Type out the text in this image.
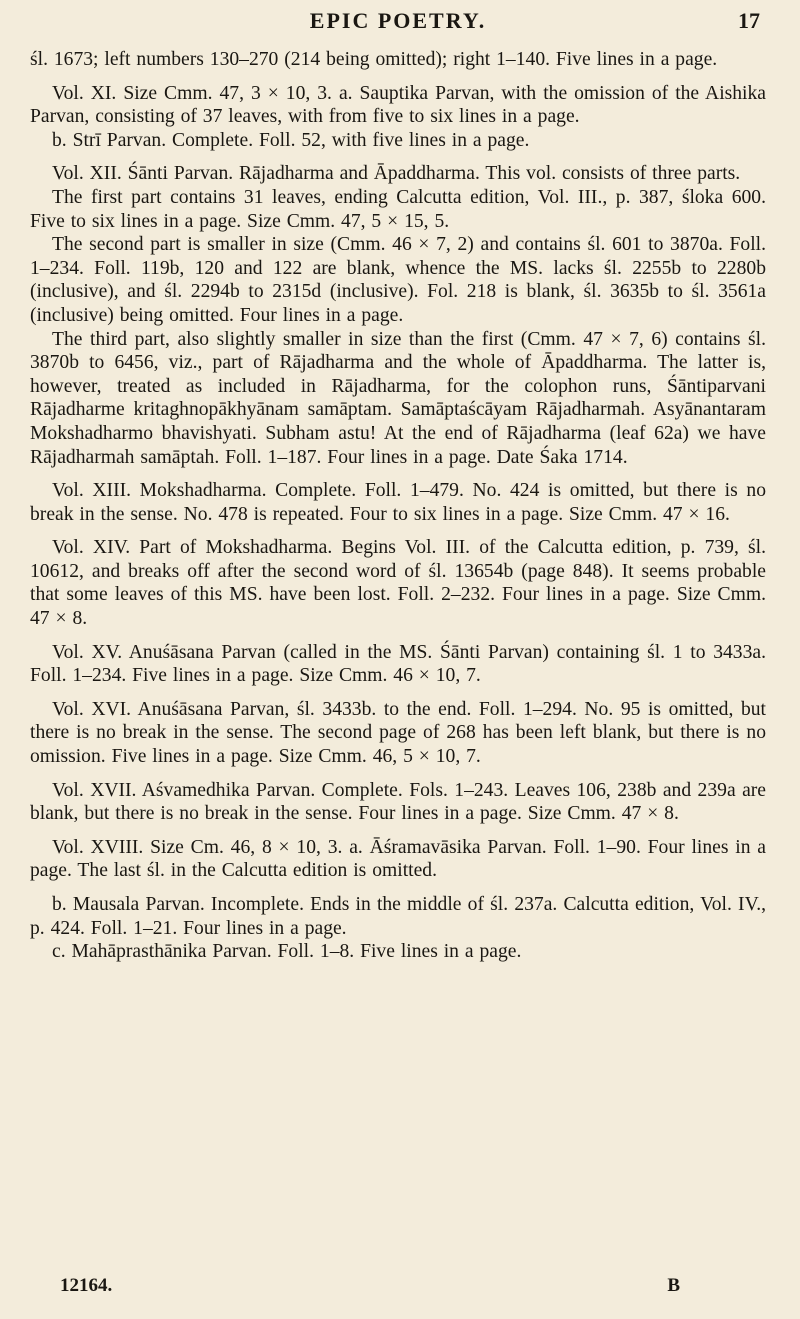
EPIC POETRY.	17

śl. 1673; left numbers 130–270 (214 being omitted); right 1–140. Five lines in a page.

Vol. XI. Size Cmm. 47, 3 × 10, 3. a. Sauptika Parvan, with the omission of the Aishika Parvan, consisting of 37 leaves, with from five to six lines in a page.

b. Strī Parvan. Complete. Foll. 52, with five lines in a page.

Vol. XII. Śānti Parvan. Rājadharma and Āpaddharma. This vol. consists of three parts.

The first part contains 31 leaves, ending Calcutta edition, Vol. III., p. 387, śloka 600. Five to six lines in a page. Size Cmm. 47, 5 × 15, 5.

The second part is smaller in size (Cmm. 46 × 7, 2) and contains śl. 601 to 3870a. Foll. 1–234. Foll. 119b, 120 and 122 are blank, whence the MS. lacks śl. 2255b to 2280b (inclusive), and śl. 2294b to 2315d (inclusive). Fol. 218 is blank, śl. 3635b to śl. 3561a (inclusive) being omitted. Four lines in a page.

The third part, also slightly smaller in size than the first (Cmm. 47 × 7, 6) contains śl. 3870b to 6456, viz., part of Rājadharma and the whole of Āpaddharma. The latter is, however, treated as included in Rājadharma, for the colophon runs, Śāntiparvani Rājadharme kritaghnopākhyānam samāptam. Samāptaścāyam Rājadharmah. Asyānantaram Mokshadharmo bhavishyati. Subham astu! At the end of Rājadharma (leaf 62a) we have Rājadharmah samāptah. Foll. 1–187. Four lines in a page. Date Śaka 1714.

Vol. XIII. Mokshadharma. Complete. Foll. 1–479. No. 424 is omitted, but there is no break in the sense. No. 478 is repeated. Four to six lines in a page. Size Cmm. 47 × 16.

Vol. XIV. Part of Mokshadharma. Begins Vol. III. of the Calcutta edition, p. 739, śl. 10612, and breaks off after the second word of śl. 13654b (page 848). It seems probable that some leaves of this MS. have been lost. Foll. 2–232. Four lines in a page. Size Cmm. 47 × 8.

Vol. XV. Anuśāsana Parvan (called in the MS. Śānti Parvan) containing śl. 1 to 3433a. Foll. 1–234. Five lines in a page. Size Cmm. 46 × 10, 7.

Vol. XVI. Anuśāsana Parvan, śl. 3433b. to the end. Foll. 1–294. No. 95 is omitted, but there is no break in the sense. The second page of 268 has been left blank, but there is no omission. Five lines in a page. Size Cmm. 46, 5 × 10, 7.

Vol. XVII. Aśvamedhika Parvan. Complete. Fols. 1–243. Leaves 106, 238b and 239a are blank, but there is no break in the sense. Four lines in a page. Size Cmm. 47 × 8.

Vol. XVIII. Size Cm. 46, 8 × 10, 3. a. Āśramavāsika Parvan. Foll. 1–90. Four lines in a page. The last śl. in the Calcutta edition is omitted.

b. Mausala Parvan. Incomplete. Ends in the middle of śl. 237a. Calcutta edition, Vol. IV., p. 424. Foll. 1–21. Four lines in a page.

c. Mahāprasthānika Parvan. Foll. 1–8. Five lines in a page.

12164.	B
